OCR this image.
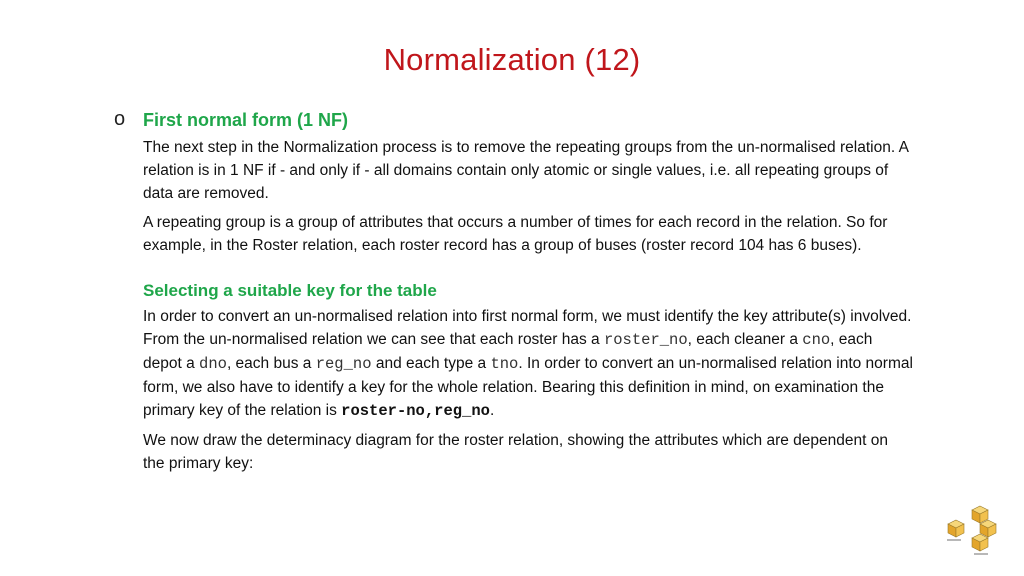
Normalization (12)
o First normal form (1 NF)

The next step in the Normalization process is to remove the repeating groups from the un-normalised relation. A relation is in 1 NF if - and only if - all domains contain only atomic or single values, i.e. all repeating groups of data are removed.

A repeating group is a group of attributes that occurs a number of times for each record in the relation. So for example, in the Roster relation, each roster record has a group of buses (roster record 104 has 6 buses).

Selecting a suitable key for the table

In order to convert an un-normalised relation into first normal form, we must identify the key attribute(s) involved. From the un-normalised relation we can see that each roster has a roster_no, each cleaner a cno, each depot a dno, each bus a reg_no and each type a tno. In order to convert an un-normalised relation into normal form, we also have to identify a key for the whole relation. Bearing this definition in mind, on examination the primary key of the relation is roster-no,reg_no.

We now draw the determinacy diagram for the roster relation, showing the attributes which are dependent on the primary key:
